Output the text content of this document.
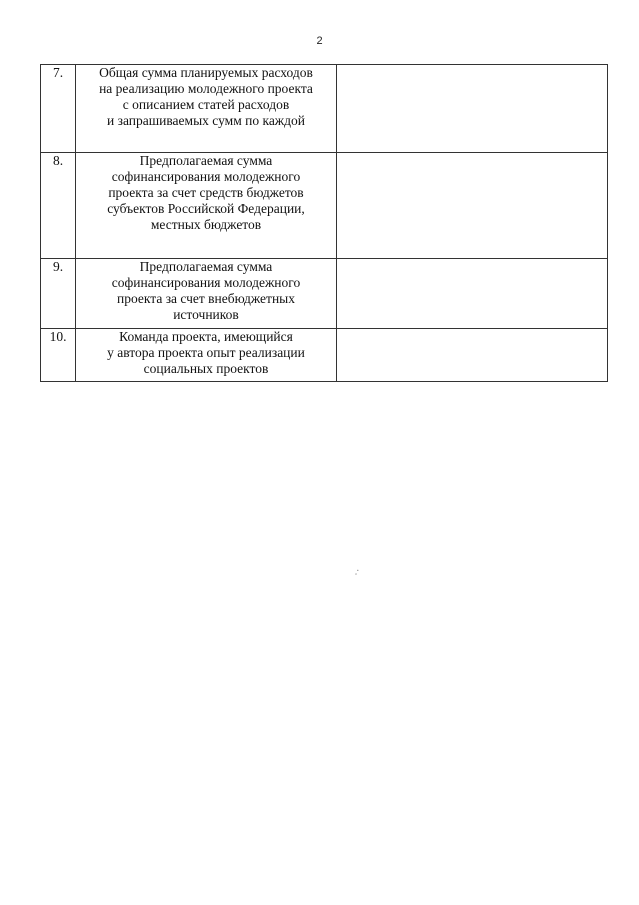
2
7.	Общая сумма планируемых расходов
на реализацию молодежного проекта
с описанием статей расходов
и запрашиваемых сумм по каждой	

8.	Предполагаемая сумма
софинансирования молодежного
проекта за счет средств бюджетов
субъектов Российской Федерации,
местных бюджетов	

9.	Предполагаемая сумма
софинансирования молодежного
проекта за счет внебюджетных
источников	

10.	Команда проекта, имеющийся
у автора проекта опыт реализации
социальных проектов	

.·
